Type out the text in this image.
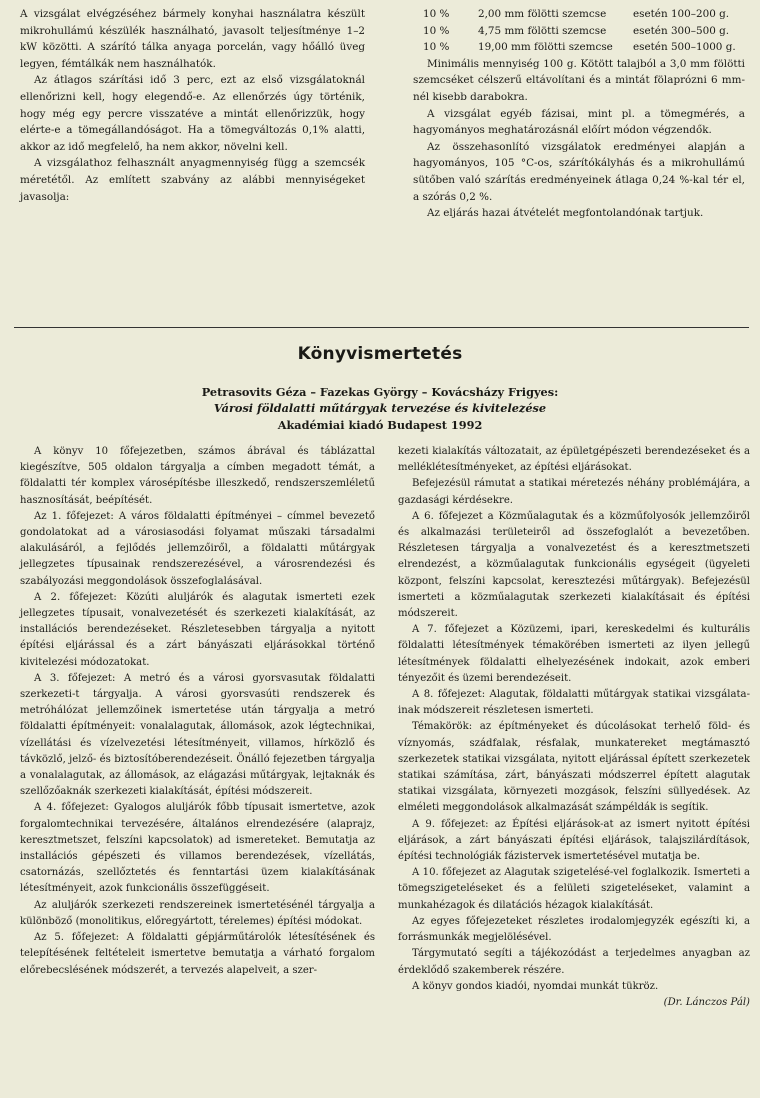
A vizsgálat elvégzéséhez bármely konyhai használatra készült mikrohullámú készülék használható, javasolt teljesítménye 1–2 kW közötti. A szárító tálka anyaga porcelán, vagy hőálló üveg legyen, fémtálkák nem használhatók.

Az átlagos szárítási idő 3 perc, ezt az első vizsgálatoknál ellenőrizni kell, hogy elegendő-e. Az ellenőrzés úgy történik, hogy még egy percre visszatéve a mintát ellenőrizzük, hogy elérte-e a tömegállandóságot. Ha a tömegváltozás 0,1% alatti, akkor az idő megfelelő, ha nem akkor, növelni kell.

A vizsgálathoz felhasznált anyagmennyiség függ a szemcsék méretétől. Az említett szabvány az alábbi mennyiségeket javasolja:

10 %	2,00 mm fölötti szemcse	esetén 100–200 g.
10 %	4,75 mm fölötti szemcse	esetén 300–500 g.
10 %	19,00 mm fölötti szemcse	esetén 500–1000 g.

Minimális mennyiség 100 g. Kötött talajból a 3,0 mm fölötti szemcséket célszerű eltávolítani és a mintát fölaprózni 6 mm-nél kisebb darabokra.

A vizsgálat egyéb fázisai, mint pl. a tömegmérés, a hagyományos meghatározásnál előírt módon végzendők.

Az összehasonlító vizsgálatok eredményei alapján a hagyományos, 105 °C-os, szárítókályhás és a mikrohullámú sütőben való szárítás eredményeinek átlaga 0,24 %-kal tér el, a szórás 0,2 %.

Az eljárás hazai átvételét megfontolandónak tartjuk.

Könyvismertetés
Petrasovits Géza – Fazekas György – Kovácsházy Frigyes:
Városi földalatti műtárgyak tervezése és kivitelezése
Akadémiai kiadó Budapest 1992

A könyv 10 főfejezetben, számos ábrával és táblázattal kiegészítve, 505 oldalon tárgyalja a címben megadott témát, a földalatti tér komplex városépítésbe illeszkedő, rendszerszemléletű hasznosítását, beépítését.

Az 1. főfejezet: A város földalatti építményei – címmel bevezető gondolatokat ad a városiasodási folyamat műszaki társadalmi alakulásáról, a fejlődés jellemzőiről, a földalatti műtárgyak jellegzetes típusainak rendszerezésével, a városrendezési és szabályozási meggondolások összefoglalásával.

A 2. főfejezet: Közúti aluljárók és alagutak ismerteti ezek jellegzetes típusait, vonalvezetését és szerkezeti kialakítását, az installációs berendezéseket. Részletesebben tárgyalja a nyitott építési eljárással és a zárt bányászati eljárásokkal történő kivitelezési módozatokat.

A 3. főfejezet: A metró és a városi gyorsvasutak földalatti szerkezeti-t tárgyalja. A városi gyorsvasúti rendszerek és metróhálózat jellemzőinek ismertetése után tárgyalja a metró földalatti építményeit: vonalalagutak, állomások, azok légtechnikai, vízellátási és vízelvezetési létesítményeit, villamos, hírközlő és távközlő, jelző- és biztosítóberendezéseit. Önálló fejezetben tárgyalja a vonalalagutak, az állomások, az elágazási műtárgyak, lejtaknák és szellőzőaknák szerkezeti kialakítását, építési módszereit.

A 4. főfejezet: Gyalogos aluljárók főbb típusait ismertetve, azok forgalomtechnikai tervezésére, általános elrendezésére (alaprajz, keresztmetszet, felszíni kapcsolatok) ad ismereteket. Bemutatja az installációs gépészeti és villamos berendezések, vízellátás, csatornázás, szellőztetés és fenntartási üzem kialakításának létesítményeit, azok funkcionális összefüggéseit.

Az aluljárók szerkezeti rendszereinek ismertetésénél tárgyalja a különböző (monolitikus, előregyártott, térelemes) építési módokat.

Az 5. főfejezet: A földalatti gépjárműtárolók létesítésének és telepítésének feltételeit ismertetve bemutatja a várható forgalom előrebecslésének módszerét, a tervezés alapelveit, a szer-

kezeti kialakítás változatait, az épületgépészeti berendezéseket és a melléklétesítményeket, az építési eljárásokat.

Befejezésül rámutat a statikai méretezés néhány problémájára, a gazdasági kérdésekre.

A 6. főfejezet a Közműalagutak és a közműfolyosók jellemzőiről és alkalmazási területeiről ad összefoglalót a bevezetőben. Részletesen tárgyalja a vonalvezetést és a keresztmetszeti elrendezést, a közműalagutak funkcionális egységeit (ügyeleti központ, felszíni kapcsolat, keresztezési műtárgyak). Befejezésül ismerteti a közműalagutak szerkezeti kialakításait és építési módszereit.

A 7. főfejezet a Közüzemi, ipari, kereskedelmi és kulturális földalatti létesítmények témakörében ismerteti az ilyen jellegű létesítmények földalatti elhelyezésének indokait, azok emberi tényezőit és üzemi berendezéseit.

A 8. főfejezet: Alagutak, földalatti műtárgyak statikai vizsgálata-inak módszereit részletesen ismerteti.

Témakörök: az építményeket és dúcolásokat terhelő föld- és víznyomás, szádfalak, résfalak, munkatereket megtámasztó szerkezetek statikai vizsgálata, nyitott eljárással épített szerkezetek statikai számítása, zárt, bányászati módszerrel épített alagutak statikai vizsgálata, környezeti mozgások, felszíni süllyedések. Az elméleti meggondolások alkalmazását számpéldák is segítik.

A 9. főfejezet: az Építési eljárások-at az ismert nyitott építési eljárások, a zárt bányászati építési eljárások, talajszilárdítások, építési technológiák fázistervek ismertetésével mutatja be.

A 10. főfejezet az Alagutak szigetelésé-vel foglalkozik. Ismerteti a tömegszigeteléseket és a felületi szigeteléseket, valamint a munkahézagok és dilatációs hézagok kialakítását.

Az egyes főfejezeteket részletes irodalomjegyzék egészíti ki, a forrásmunkák megjelölésével.

Tárgymutató segíti a tájékozódást a terjedelmes anyagban az érdeklődő szakemberek részére.

A könyv gondos kiadói, nyomdai munkát tükröz.

(Dr. Lánczos Pál)
